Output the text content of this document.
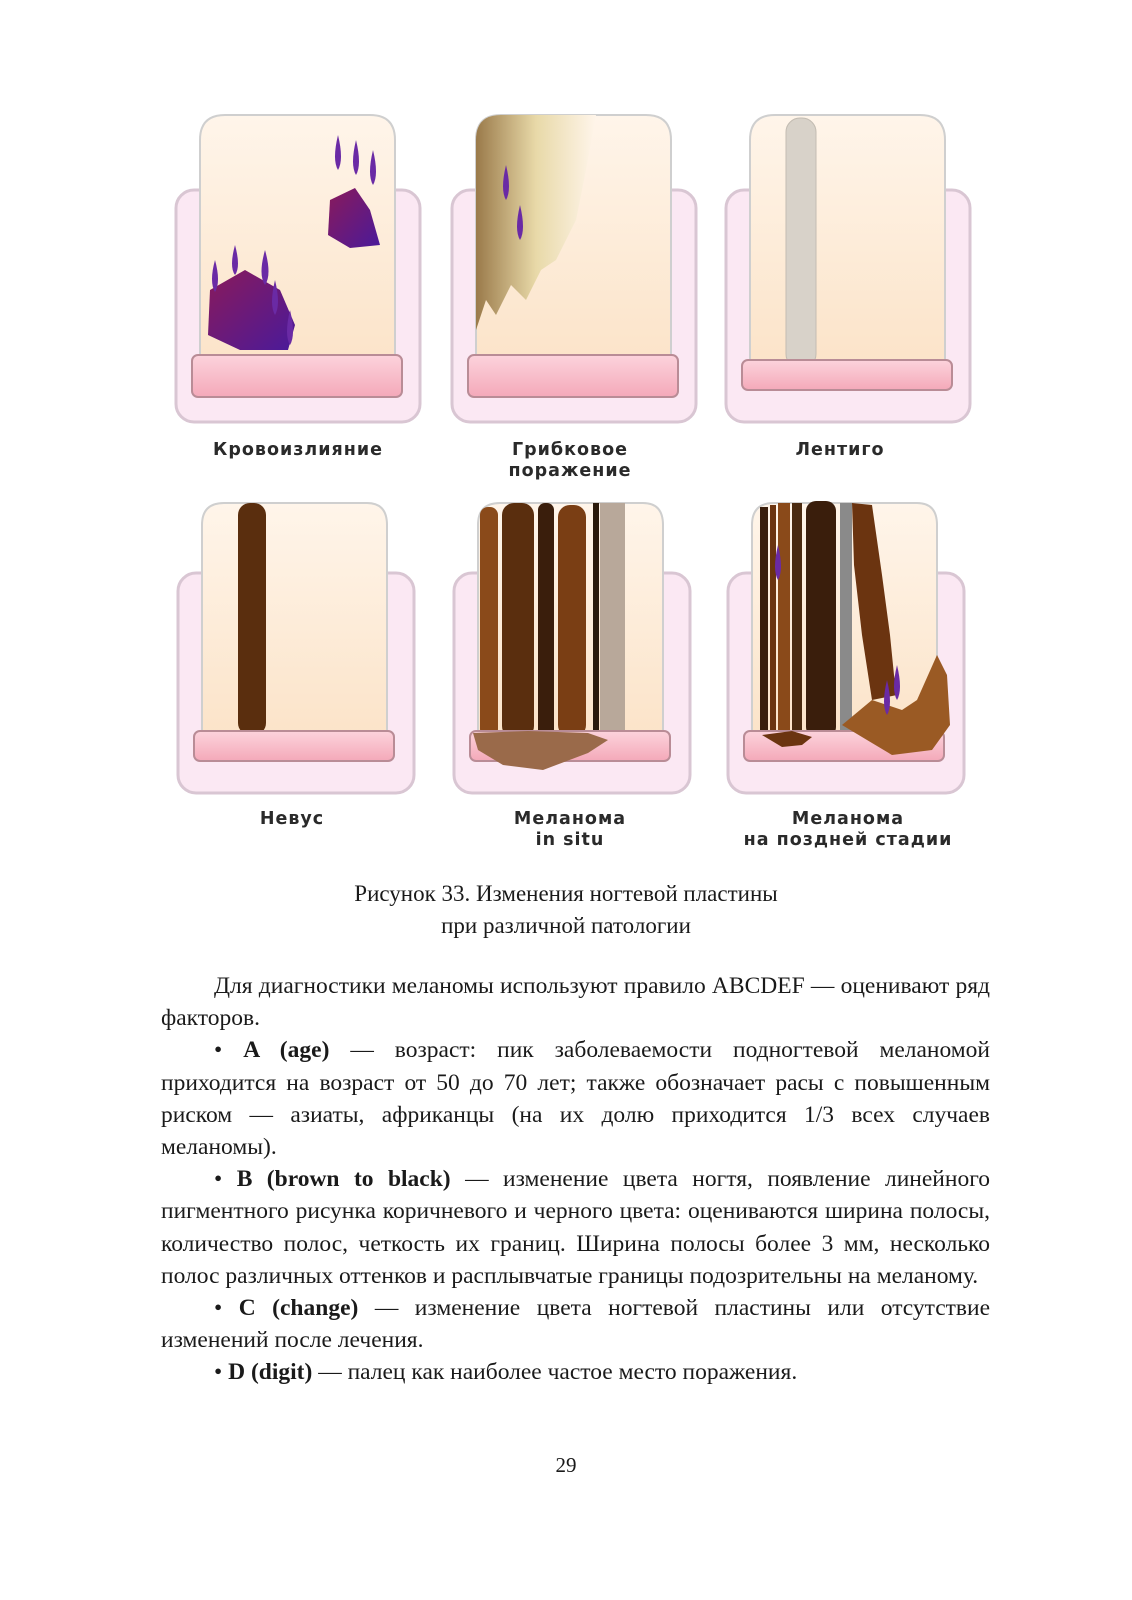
Кровоизлияние	Грибковое
поражение
Лентиго
Невус	Меланома
in situ
Меланома
на поздней стадии
Рисунок 33. Изменения ногтевой пластины
при различной патологии

Для диагностики меланомы используют правило ABCDEF — оценивают ряд факторов.

• A (age) — возраст: пик заболеваемости подногтевой меланомой приходится на возраст от 50 до 70 лет; также обозначает расы с повышенным риском — азиаты, африканцы (на их долю приходится 1/3 всех случаев меланомы).

• B (brown to black) — изменение цвета ногтя, появление линейного пигментного рисунка коричневого и черного цвета: оцениваются ширина полосы, количество полос, четкость их границ. Ширина полосы более 3 мм, несколько полос различных оттенков и расплывчатые границы подозрительны на меланому.

• C (change) — изменение цвета ногтевой пластины или отсутствие изменений после лечения.

• D (digit) — палец как наиболее частое место поражения.

29
